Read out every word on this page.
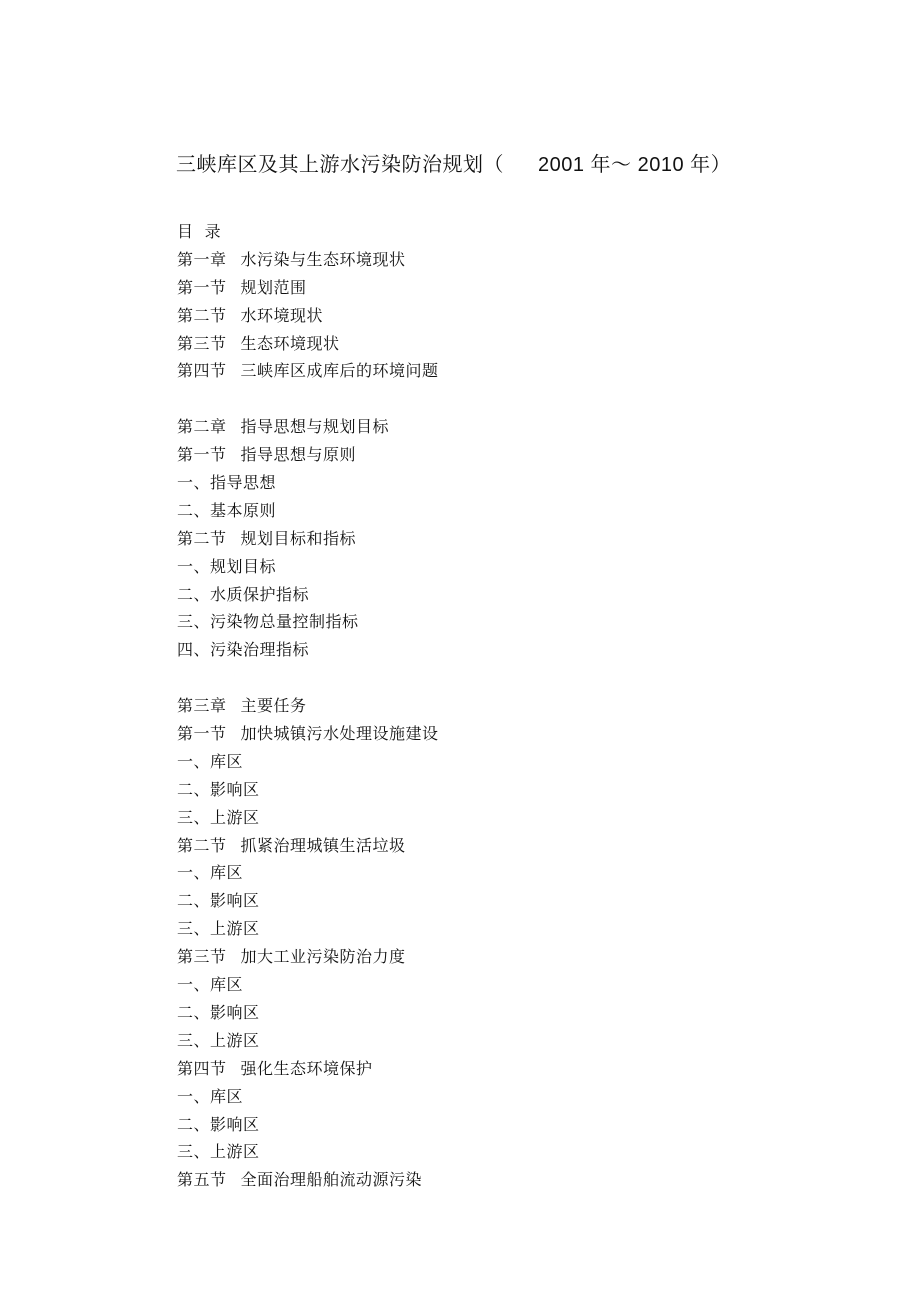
三峡库区及其上游水污染防治规划（ 2001 年～ 2010 年）
目  录
第一章 水污染与生态环境现状
第一节 规划范围
第二节 水环境现状
第三节 生态环境现状
第四节 三峡库区成库后的环境问题
第二章 指导思想与规划目标
第一节 指导思想与原则
一、指导思想
二、基本原则
第二节 规划目标和指标
一、规划目标
二、水质保护指标
三、污染物总量控制指标
四、污染治理指标
第三章 主要任务
第一节 加快城镇污水处理设施建设
一、库区
二、影响区
三、上游区
第二节 抓紧治理城镇生活垃圾
一、库区
二、影响区
三、上游区
第三节 加大工业污染防治力度
一、库区
二、影响区
三、上游区
第四节 强化生态环境保护
一、库区
二、影响区
三、上游区
第五节 全面治理船舶流动源污染
